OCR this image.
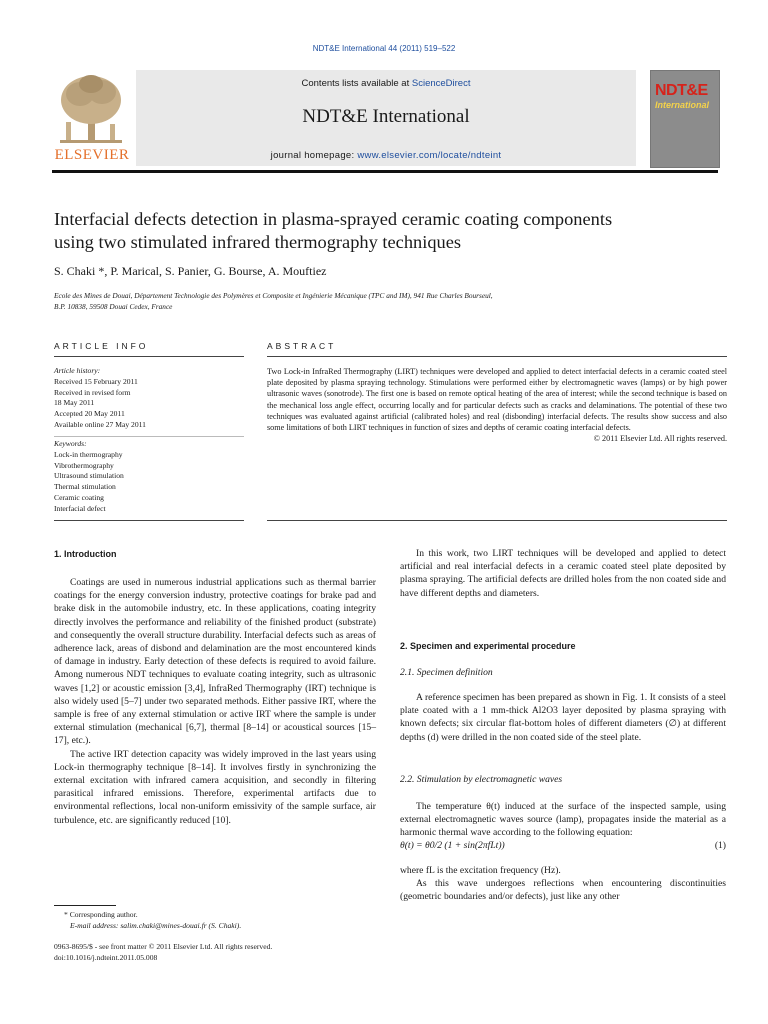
NDT&E International 44 (2011) 519–522
ELSEVIER
Contents lists available at ScienceDirect
NDT&E International
journal homepage: www.elsevier.com/locate/ndteint
NDT&E
International
Interfacial defects detection in plasma-sprayed ceramic coating components
using two stimulated infrared thermography techniques
S. Chaki *, P. Marical, S. Panier, G. Bourse, A. Mouftiez
Ecole des Mines de Douai, Département Technologie des Polymères et Composite et Ingénierie Mécanique (TPC and IM), 941 Rue Charles Bourseul,
B.P. 10838, 59508 Douai Cedex, France
ARTICLE INFO	ABSTRACT
Article history:
Received 15 February 2011
Received in revised form
18 May 2011
Accepted 20 May 2011
Available online 27 May 2011
Keywords:
Lock-in thermography
Vibrothermography
Ultrasound stimulation
Thermal stimulation
Ceramic coating
Interfacial defect
Two Lock-in InfraRed Thermography (LIRT) techniques were developed and applied to detect interfacial defects in a ceramic coated steel plate deposited by plasma spraying technology. Stimulations were performed either by electromagnetic waves (lamps) or by high power ultrasonic waves (sonotrode). The first one is based on remote optical heating of the area of interest; while the second technique is based on the mechanical loss angle effect, occurring locally and for particular defects such as cracks and delaminations. The potential of these two techniques was evaluated against artificial (calibrated holes) and real (disbonding) interfacial defects. The results show success and also some limitations of both LIRT techniques in function of sizes and depths of ceramic coating interfacial defects.
© 2011 Elsevier Ltd. All rights reserved.
1. Introduction

Coatings are used in numerous industrial applications such as thermal barrier coatings for the energy conversion industry, protective coatings for brake pad and brake disk in the automobile industry, etc. In these applications, coating integrity directly involves the performance and reliability of the finished product (substrate) and consequently the overall structure durability. Interfacial defects such as areas of adherence lack, areas of disbond and delamination are the most encountered kinds of damage in industry. Early detection of these defects is required to avoid failure. Among numerous NDT techniques to evaluate coating integrity, such as ultrasonic waves [1,2] or acoustic emission [3,4], InfraRed Thermography (IRT) technique is also widely used [5–7] under two separated methods. Either passive IRT, where the sample is free of any external stimulation or active IRT where the sample is under external stimulation (mechanical [6,7], thermal [8–14] or acoustical sources [15–17], etc.).

The active IRT detection capacity was widely improved in the last years using Lock-in thermography technique [8–14]. It involves firstly in synchronizing the external excitation with infrared camera acquisition, and secondly in filtering parasitical infrared emissions. Therefore, experimental artifacts due to environmental reflections, local non-uniform emissivity of the sample surface, air turbulence, etc. are significantly reduced [10].

In this work, two LIRT techniques will be developed and applied to detect artificial and real interfacial defects in a ceramic coated steel plate deposited by plasma spraying. The artificial defects are drilled holes from the non coated side and have different depths and diameters.

2. Specimen and experimental procedure
2.1. Specimen definition

A reference specimen has been prepared as shown in Fig. 1. It consists of a steel plate coated with a 1 mm-thick Al2O3 layer deposited by plasma spraying with known defects; six circular flat-bottom holes of different diameters (∅) at different depths (d) were drilled in the non coated side of the steel plate.

2.2. Stimulation by electromagnetic waves

The temperature θ(t) induced at the surface of the inspected sample, using external electromagnetic waves source (lamp), propagates inside the material as a harmonic thermal wave according to the following equation:

θ(t) = θ0/2 (1 + sin(2πfLt))	(1)
where fL is the excitation frequency (Hz).

As this wave undergoes reflections when encountering discontinuities (geometric boundaries and/or defects), just like any other

* Corresponding author.
E-mail address: salim.chaki@mines-douai.fr (S. Chaki).
0963-8695/$ - see front matter © 2011 Elsevier Ltd. All rights reserved.
doi:10.1016/j.ndteint.2011.05.008
